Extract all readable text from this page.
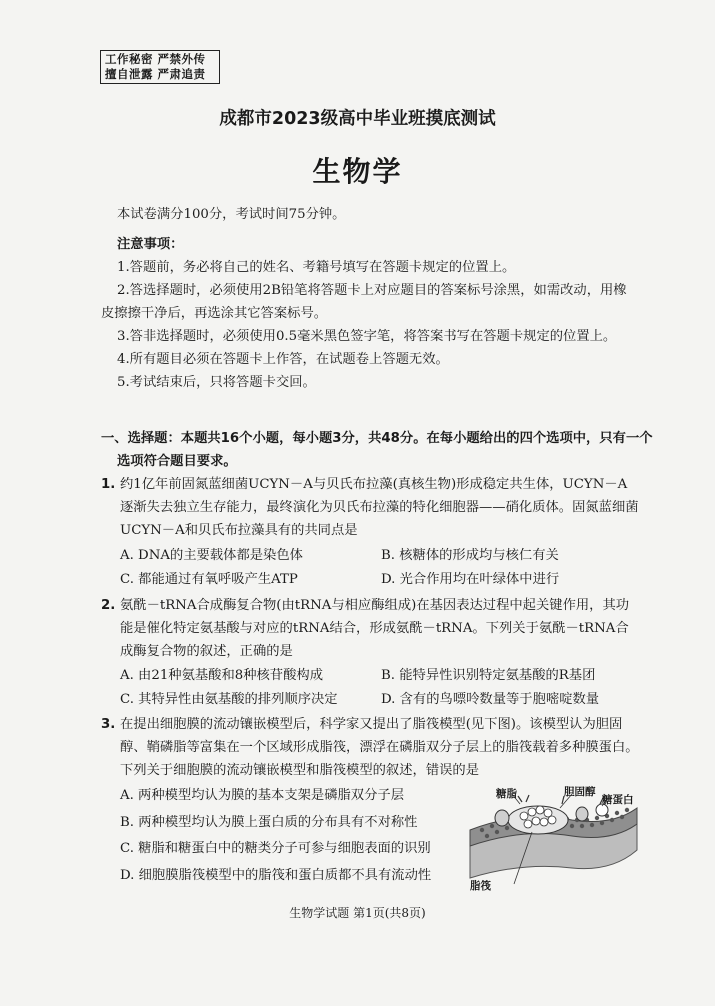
工作秘密 严禁外传
擅自泄露 严肃追责
成都市2023级高中毕业班摸底测试
生物学
本试卷满分100分，考试时间75分钟。
注意事项：
1.答题前，务必将自己的姓名、考籍号填写在答题卡规定的位置上。
2.答选择题时，必须使用2B铅笔将答题卡上对应题目的答案标号涂黑，如需改动，用橡
皮擦擦干净后，再选涂其它答案标号。
3.答非选择题时，必须使用0.5毫米黑色签字笔，将答案书写在答题卡规定的位置上。
4.所有题目必须在答题卡上作答，在试题卷上答题无效。
5.考试结束后，只将答题卡交回。
一、选择题：本题共16个小题，每小题3分，共48分。在每小题给出的四个选项中，只有一个
选项符合题目要求。
1. 约1亿年前固氮蓝细菌UCYN－A与贝氏布拉藻(真核生物)形成稳定共生体，UCYN－A
逐渐失去独立生存能力，最终演化为贝氏布拉藻的特化细胞器——硝化质体。固氮蓝细菌
UCYN－A和贝氏布拉藻具有的共同点是
A. DNA的主要载体都是染色体	B. 核糖体的形成均与核仁有关
C. 都能通过有氧呼吸产生ATP	D. 光合作用均在叶绿体中进行
2. 氨酰－tRNA合成酶复合物(由tRNA与相应酶组成)在基因表达过程中起关键作用，其功
能是催化特定氨基酸与对应的tRNA结合，形成氨酰－tRNA。下列关于氨酰－tRNA合
成酶复合物的叙述，正确的是
A. 由21种氨基酸和8种核苷酸构成	B. 能特异性识别特定氨基酸的R基团
C. 其特异性由氨基酸的排列顺序决定	D. 含有的鸟嘌呤数量等于胞嘧啶数量
3. 在提出细胞膜的流动镶嵌模型后，科学家又提出了脂筏模型(见下图)。该模型认为胆固
醇、鞘磷脂等富集在一个区域形成脂筏，漂浮在磷脂双分子层上的脂筏载着多种膜蛋白。
下列关于细胞膜的流动镶嵌模型和脂筏模型的叙述，错误的是
A. 两种模型均认为膜的基本支架是磷脂双分子层
B. 两种模型均认为膜上蛋白质的分布具有不对称性
C. 糖脂和糖蛋白中的糖类分子可参与细胞表面的识别
D. 细胞膜脂筏模型中的脂筏和蛋白质都不具有流动性
糖脂	胆固醇
糖蛋白
脂筏
生物学试题 第1页(共8页)
